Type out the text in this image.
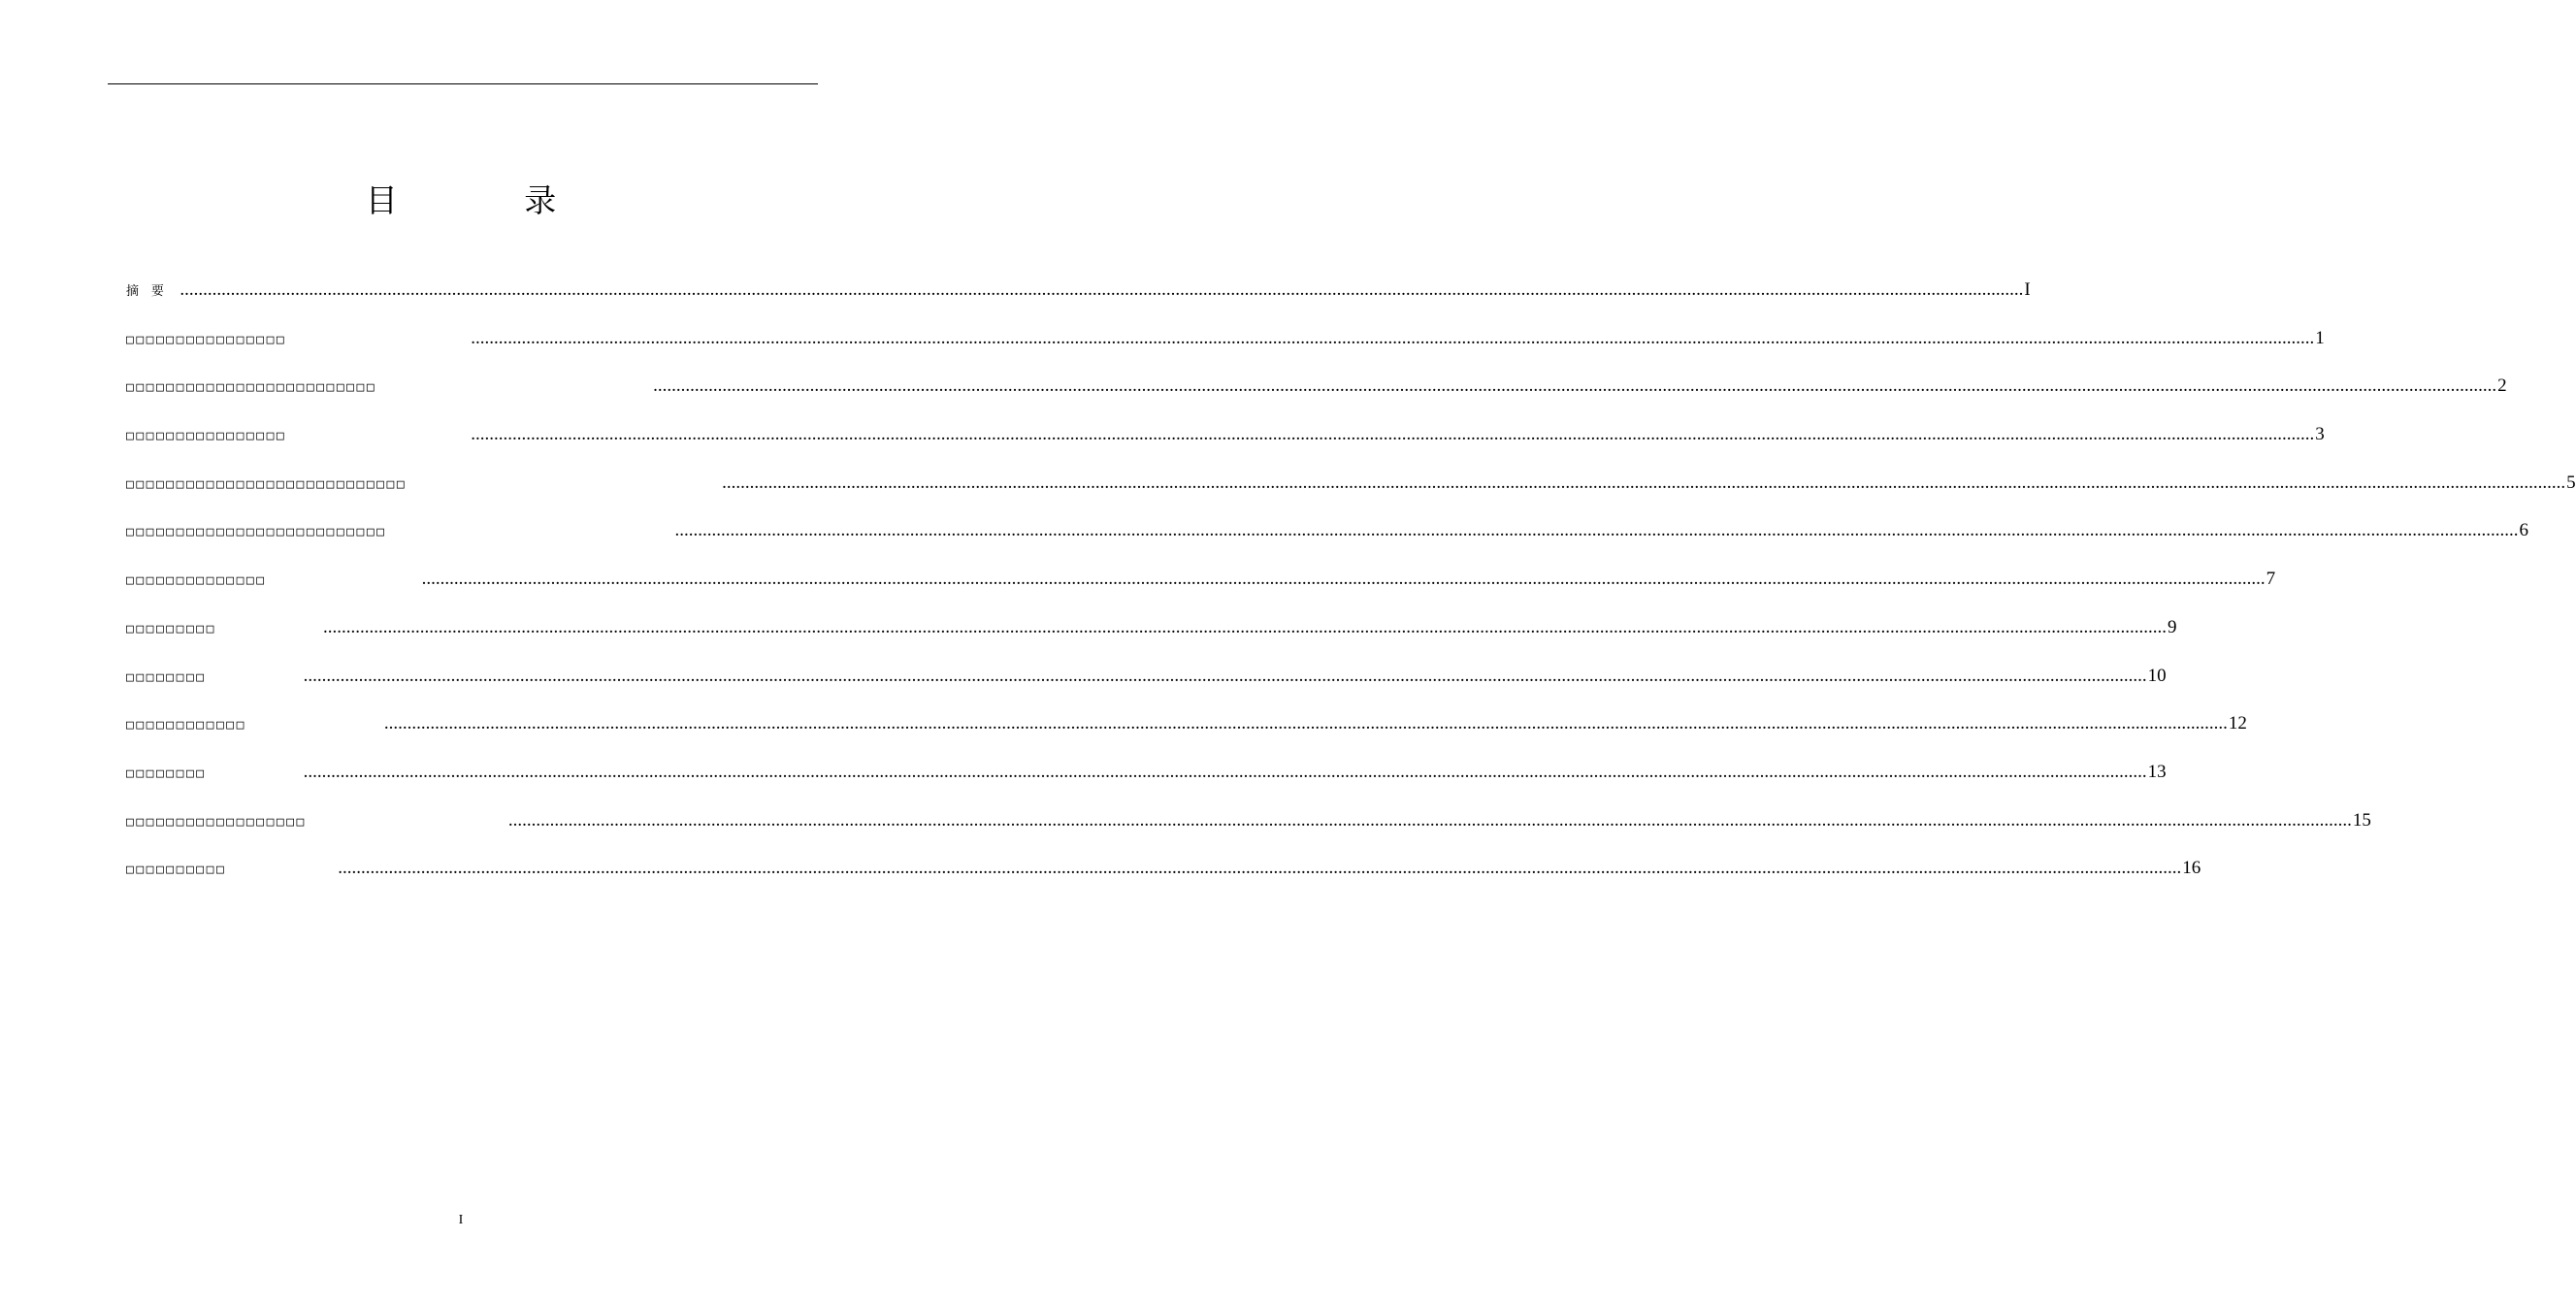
目 录
摘 要 ................................................................................................................................................................................................................................................................................................................................................................................................................ I
□□□□□□□□□□□□□□□□	................................................................................................................................................................................................................................................................................................................................................................................................................ 1
□□□□□□□□□□□□□□□□□□□□□□□□□	................................................................................................................................................................................................................................................................................................................................................................................................................ 2
□□□□□□□□□□□□□□□□	................................................................................................................................................................................................................................................................................................................................................................................................................ 3
□□□□□□□□□□□□□□□□□□□□□□□□□□□□	................................................................................................................................................................................................................................................................................................................................................................................................................ 5
□□□□□□□□□□□□□□□□□□□□□□□□□□	................................................................................................................................................................................................................................................................................................................................................................................................................ 6
□□□□□□□□□□□□□□	................................................................................................................................................................................................................................................................................................................................................................................................................ 7
□□□□□□□□□	................................................................................................................................................................................................................................................................................................................................................................................................................ 9
□□□□□□□□	................................................................................................................................................................................................................................................................................................................................................................................................................ 10
□□□□□□□□□□□□	................................................................................................................................................................................................................................................................................................................................................................................................................ 12
□□□□□□□□	................................................................................................................................................................................................................................................................................................................................................................................................................ 13
□□□□□□□□□□□□□□□□□□	................................................................................................................................................................................................................................................................................................................................................................................................................ 15
□□□□□□□□□□	................................................................................................................................................................................................................................................................................................................................................................................................................ 16
I
